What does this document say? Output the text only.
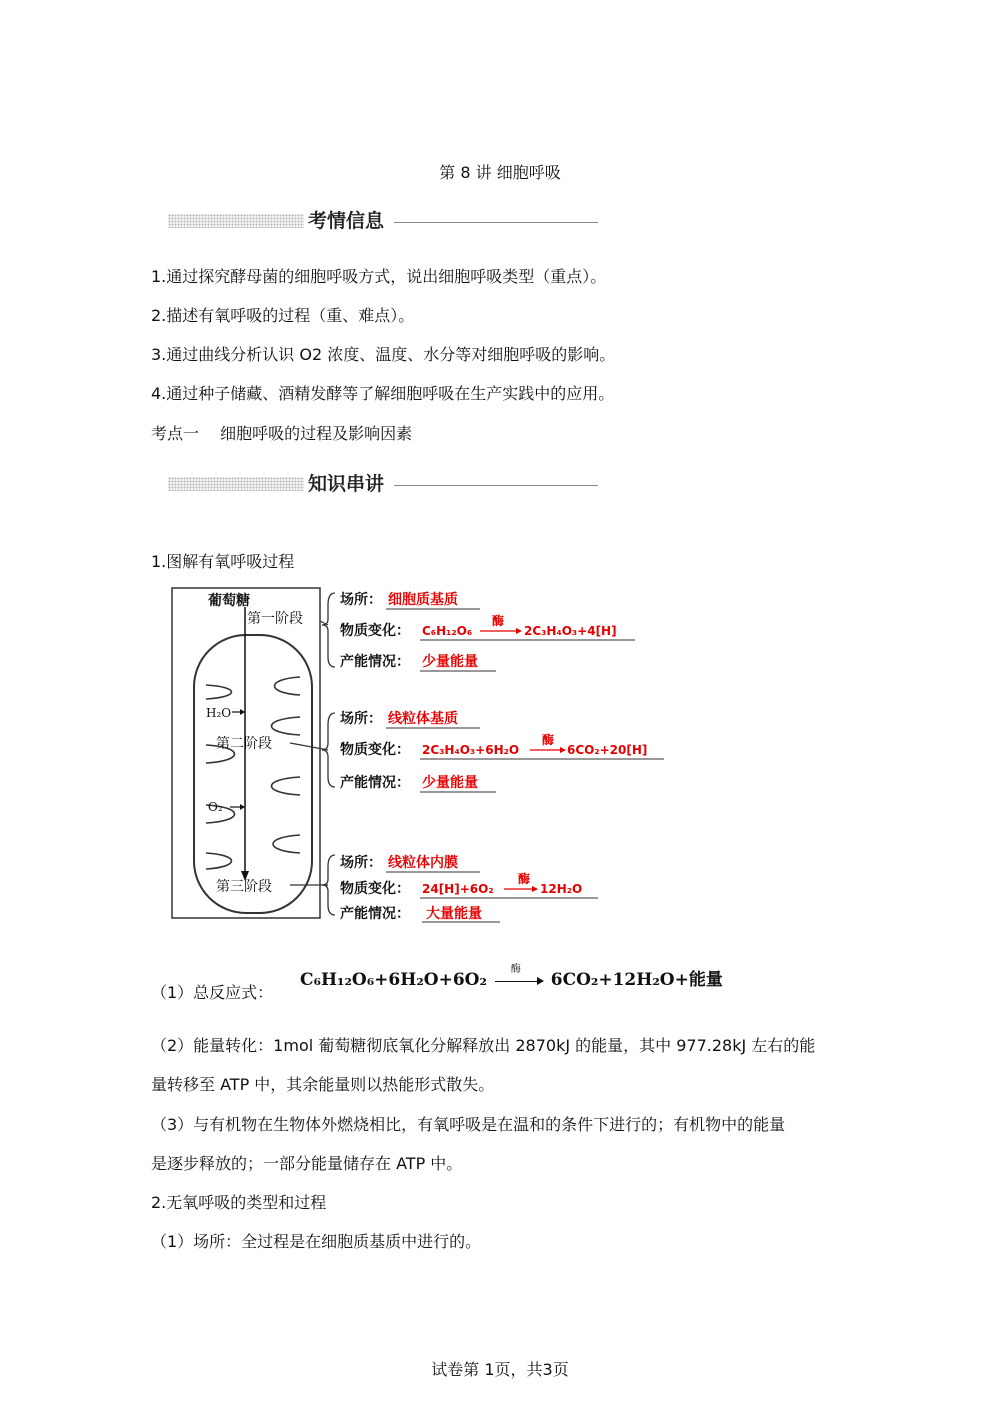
第 8 讲 细胞呼吸
考情信息
1.通过探究酵母菌的细胞呼吸方式，说出细胞呼吸类型（重点）。
2.描述有氧呼吸的过程（重、难点）。
3.通过曲线分析认识 O2 浓度、温度、水分等对细胞呼吸的影响。
4.通过种子储藏、酒精发酵等了解细胞呼吸在生产实践中的应用。
考点一　 细胞呼吸的过程及影响因素
知识串讲
1.图解有氧呼吸过程
葡萄糖
第一阶段
H₂O
第二阶段
O₂
第三阶段
场所： 细胞质基质
物质变化： C₆H₁₂O₆
酶
2C₃H₄O₃+4[H]
产能情况： 少量能量
场所： 线粒体基质
物质变化： 2C₃H₄O₃+6H₂O
酶
6CO₂+20[H]
产能情况： 少量能量
场所： 线粒体内膜
物质变化： 24[H]+6O₂
酶
12H₂O
产能情况： 大量能量
（1）总反应式：
C₆H₁₂O₆+6H₂O+6O₂
酶
6CO₂+12H₂O+能量
（2）能量转化：1mol 葡萄糖彻底氧化分解释放出 2870kJ 的能量，其中 977.28kJ 左右的能
量转移至 ATP 中，其余能量则以热能形式散失。
（3）与有机物在生物体外燃烧相比，有氧呼吸是在温和的条件下进行的；有机物中的能量
是逐步释放的；一部分能量储存在 ATP 中。
2.无氧呼吸的类型和过程
（1）场所：全过程是在细胞质基质中进行的。
试卷第 1页，共3页
